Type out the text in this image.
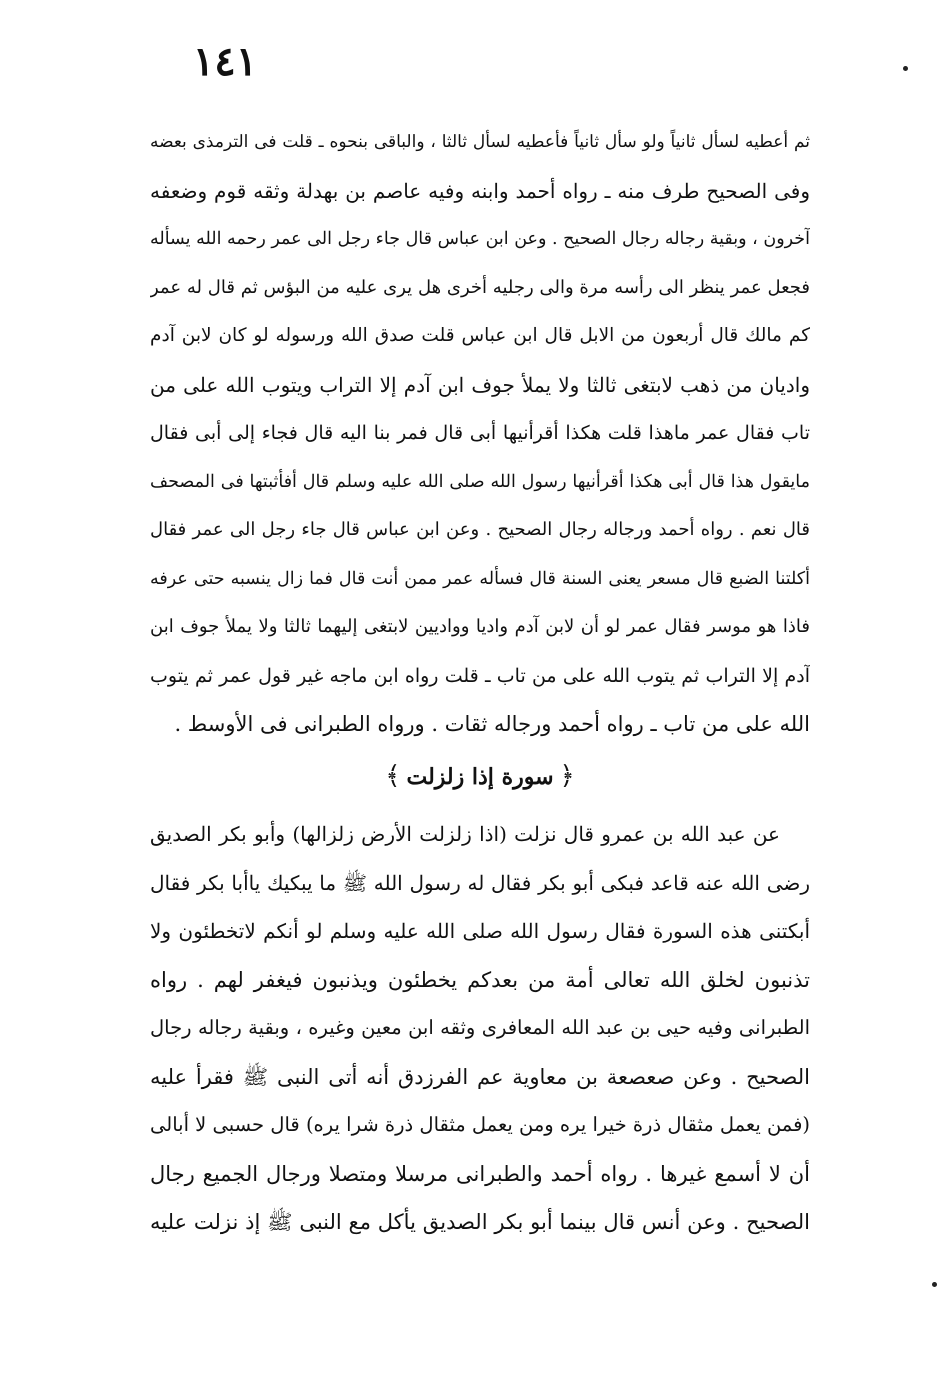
١٤١
ثم أعطيه لسأل ثانياً ولو سأل ثانياً فأعطيه لسأل ثالثا ، والباقى بنحوه ـ قلت فى الترمذى بعضه
وفى الصحيح طرف منه ـ رواه أحمد وابنه وفيه عاصم بن بهدلة وثقه قوم وضعفه
آخرون ، وبقية رجاله رجال الصحيح . وعن ابن عباس قال جاء رجل الى عمر رحمه الله يسأله
فجعل عمر ينظر الى رأسه مرة والى رجليه أخرى هل يرى عليه من البؤس ثم قال له عمر
كم مالك قال أربعون من الابل قال ابن عباس قلت صدق الله ورسوله لو كان لابن آدم
واديان من ذهب لابتغى ثالثا ولا يملأ جوف ابن آدم إلا التراب ويتوب الله على من
تاب فقال عمر ماهذا قلت هكذا أقرأنيها أبى قال فمر بنا اليه قال فجاء إلى أبى فقال
مايقول هذا قال أبى هكذا أقرأنيها رسول الله صلى الله عليه وسلم قال أفأثبتها فى المصحف
قال نعم . رواه أحمد ورجاله رجال الصحيح . وعن ابن عباس قال جاء رجل الى عمر فقال
أكلتنا الضبع قال مسعر يعنى السنة قال فسأله عمر ممن أنت قال فما زال ينسبه حتى عرفه
فاذا هو موسر فقال عمر لو أن لابن آدم واديا وواديين لابتغى إليهما ثالثا ولا يملأ جوف ابن
آدم إلا التراب ثم يتوب الله على من تاب ـ قلت رواه ابن ماجه غير قول عمر ثم يتوب
الله على من تاب ـ رواه أحمد ورجاله ثقات . ورواه الطبرانى فى الأوسط .
﴿سورة إذا زلزلت﴾
عن عبد الله بن عمرو قال نزلت (اذا زلزلت الأرض زلزالها) وأبو بكر الصديق
رضى الله عنه قاعد فبكى أبو بكر فقال له رسول الله ﷺ ما يبكيك ياأبا بكر فقال
أبكتنى هذه السورة فقال رسول الله صلى الله عليه وسلم لو أنكم لاتخطئون ولا
تذنبون لخلق الله تعالى أمة من بعدكم يخطئون ويذنبون فيغفر لهم . رواه
الطبرانى وفيه حيى بن عبد الله المعافرى وثقه ابن معين وغيره ، وبقية رجاله رجال
الصحيح . وعن صعصعة بن معاوية عم الفرزدق أنه أتى النبى ﷺ فقرأ عليه
(فمن يعمل مثقال ذرة خيرا يره ومن يعمل مثقال ذرة شرا يره) قال حسبى لا أبالى
أن لا أسمع غيرها . رواه أحمد والطبرانى مرسلا ومتصلا ورجال الجميع رجال
الصحيح . وعن أنس قال بينما أبو بكر الصديق يأكل مع النبى ﷺ إذ نزلت عليه
